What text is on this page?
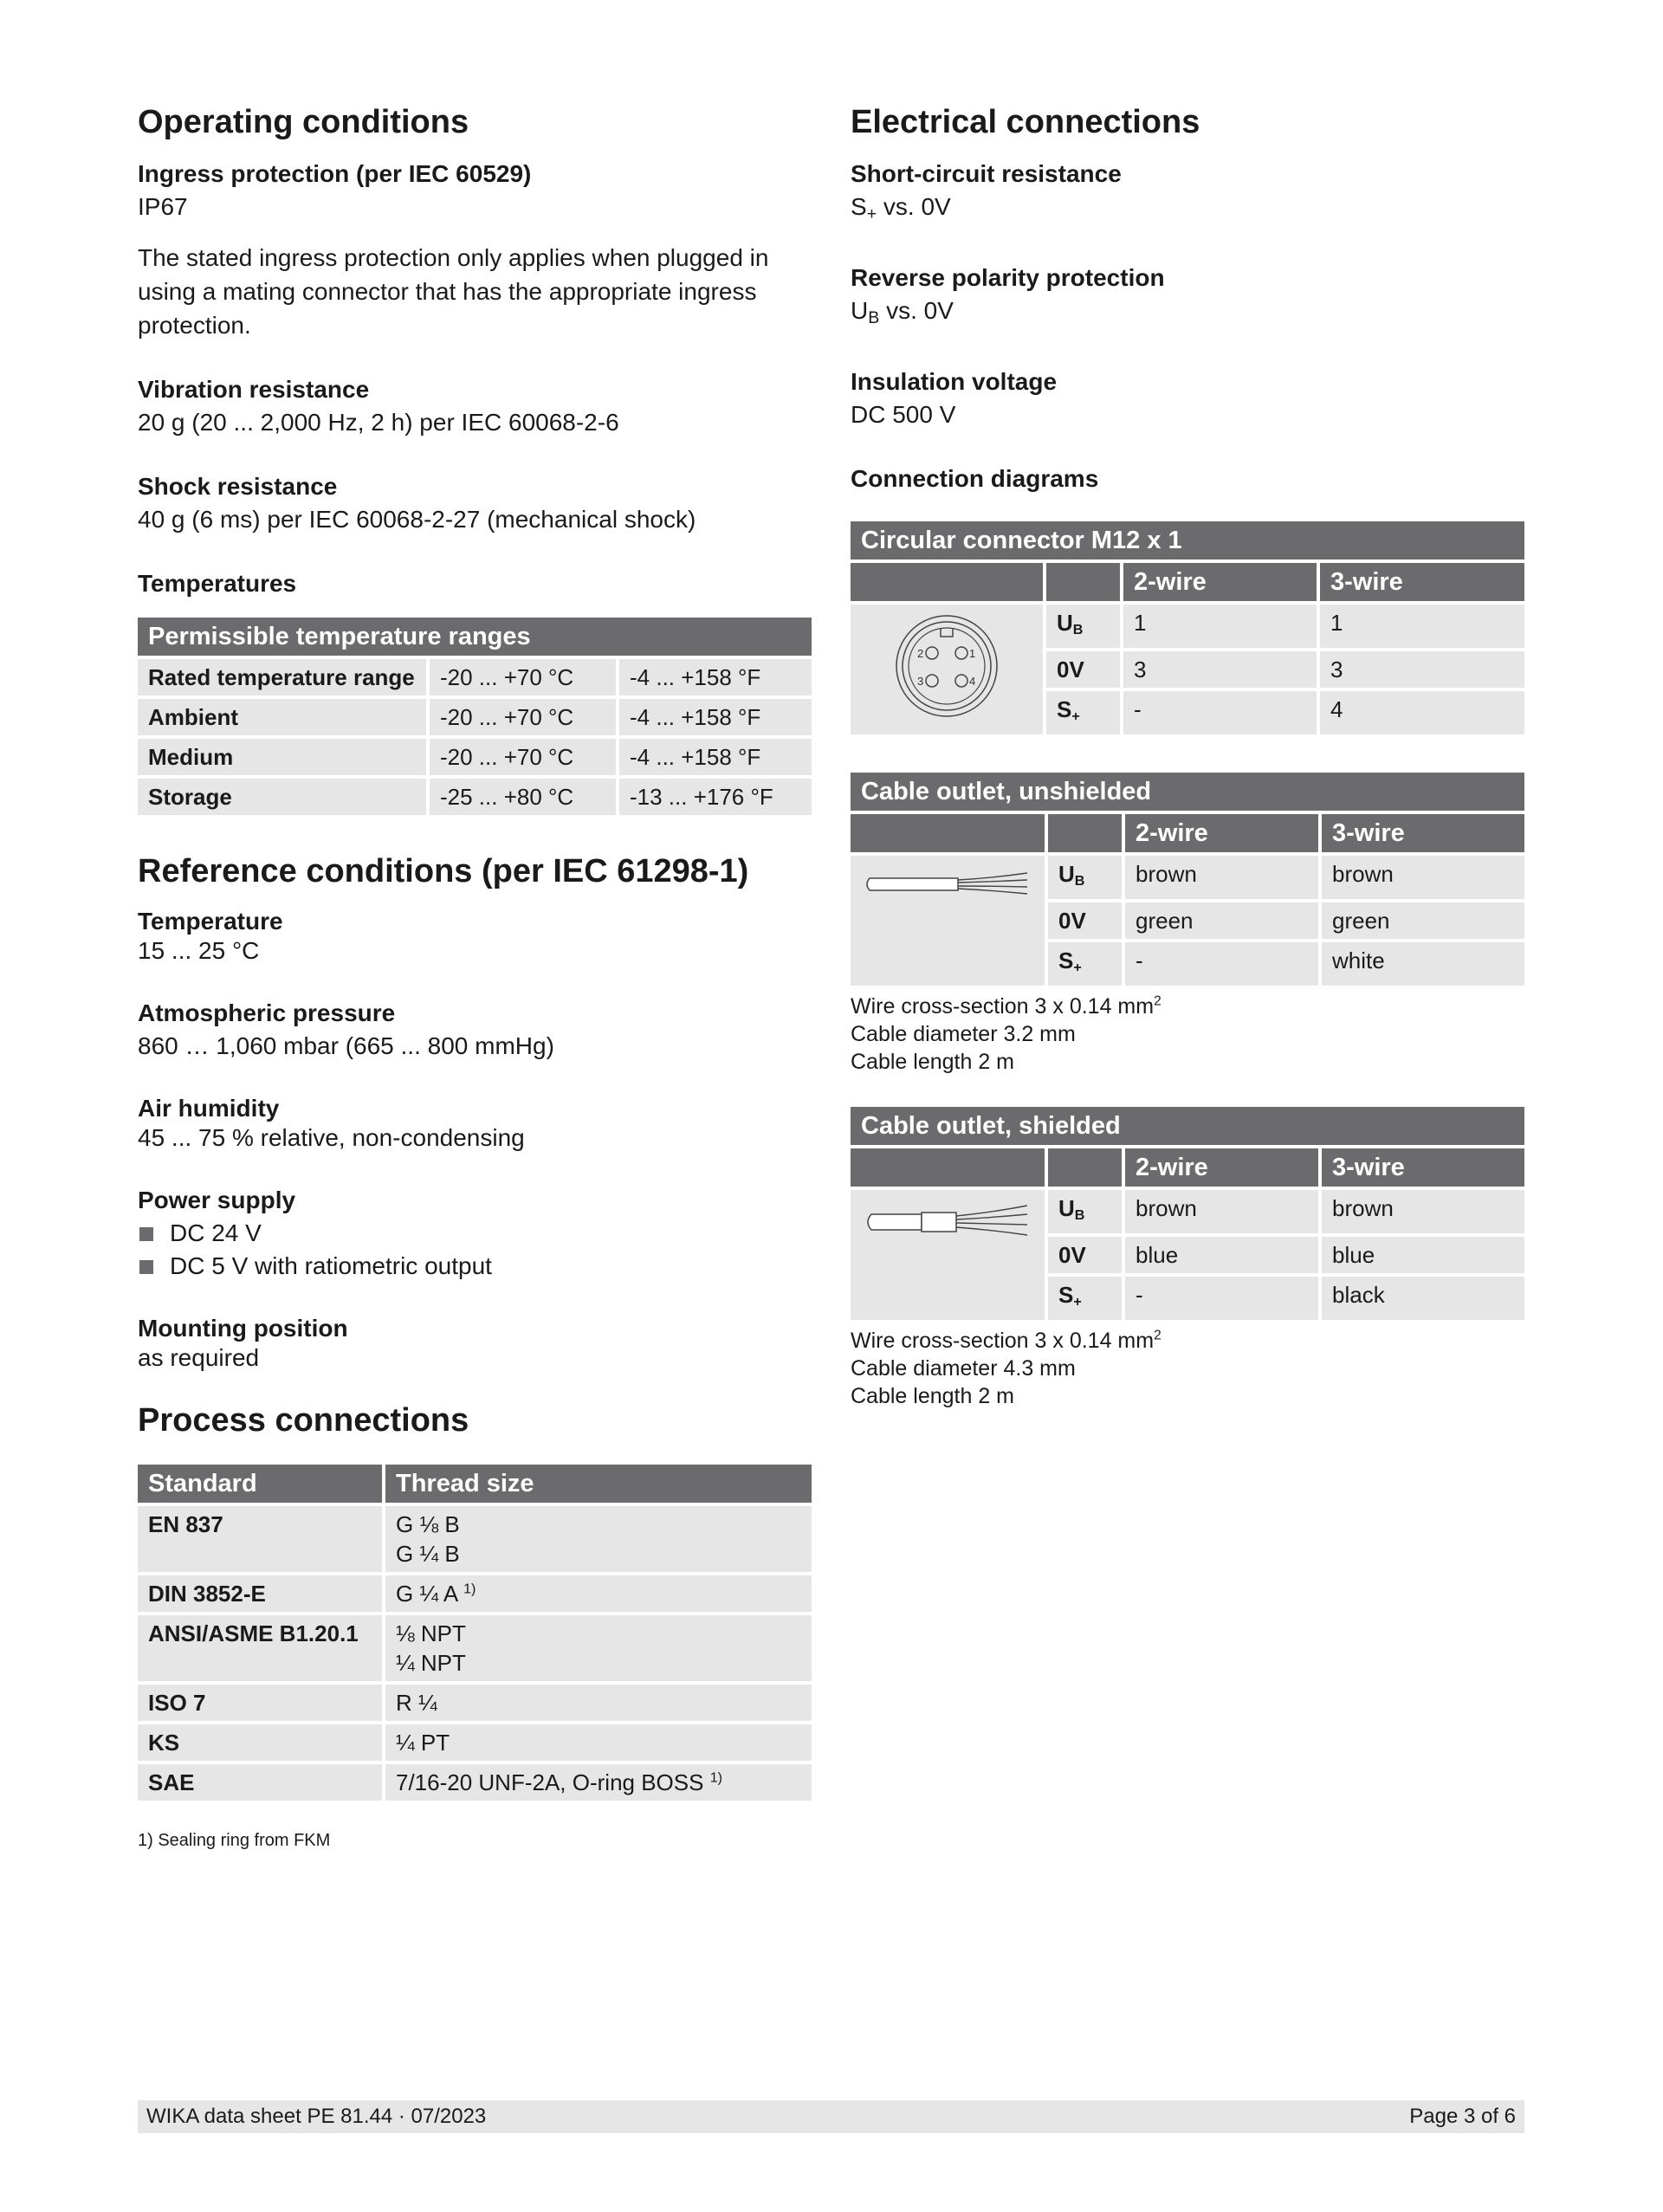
Operating conditions
Ingress protection (per IEC 60529)

IP67

The stated ingress protection only applies when plugged in using a mating connector that has the appropriate ingress protection.

Vibration resistance

20 g (20 ... 2,000 Hz, 2 h) per IEC 60068-2-6

Shock resistance

40 g (6 ms) per IEC 60068-2-27 (mechanical shock)

Temperatures
Permissible temperature ranges		
Rated temperature range	-20 ... +70 °C	-4 ... +158 °F
Ambient	-20 ... +70 °C	-4 ... +158 °F
Medium	-20 ... +70 °C	-4 ... +158 °F
Storage	-25 ... +80 °C	-13 ... +176 °F
Reference conditions (per IEC 61298-1)
Temperature

15 ... 25 °C

Atmospheric pressure

860 … 1,060 mbar (665 ... 800 mmHg)

Air humidity

45 ... 75 % relative, non-condensing

Power supply
DC 24 V
DC 5 V with ratiometric output
Mounting position

as required

Process connections
Standard	Thread size
EN 837	G ⅛ B
G ¼ B

DIN 3852-E	G ¼ A $^{1)}$
ANSI/ASME B1.20.1	⅛ NPT
¼ NPT

ISO 7	R ¼
KS	¼ PT
SAE	7/16-20 UNF-2A, O-ring BOSS $^{1)}$

1) Sealing ring from FKM

Electrical connections
Short-circuit resistance

S+ vs. 0V

Reverse polarity protection

UB vs. 0V

Insulation voltage

DC 500 V

Connection diagrams
Circular connector M12 x 1			
		2-wire	3-wire

1
2
3 4	$U_B$	1	1
	0V	3	3
	$S_+$	-	4
Cable outlet, unshielded			
		2-wire	3-wire
	$U_B$	brown	brown
	0V	green	green
	$S_+$	-	white

Wire cross-section 3 x 0.14 $mm^2$

Cable diameter 3.2 mm

Cable length 2 m

Cable outlet, shielded			
		2-wire	3-wire
	$U_B$	brown	brown
	0V	blue	blue
	$S_+$	-	black

Wire cross-section 3 x 0.14 $mm^2$

Cable diameter 4.3 mm

Cable length 2 m

WIKA data sheet PE 81.44 · 07/2023	Page 3 of 6
